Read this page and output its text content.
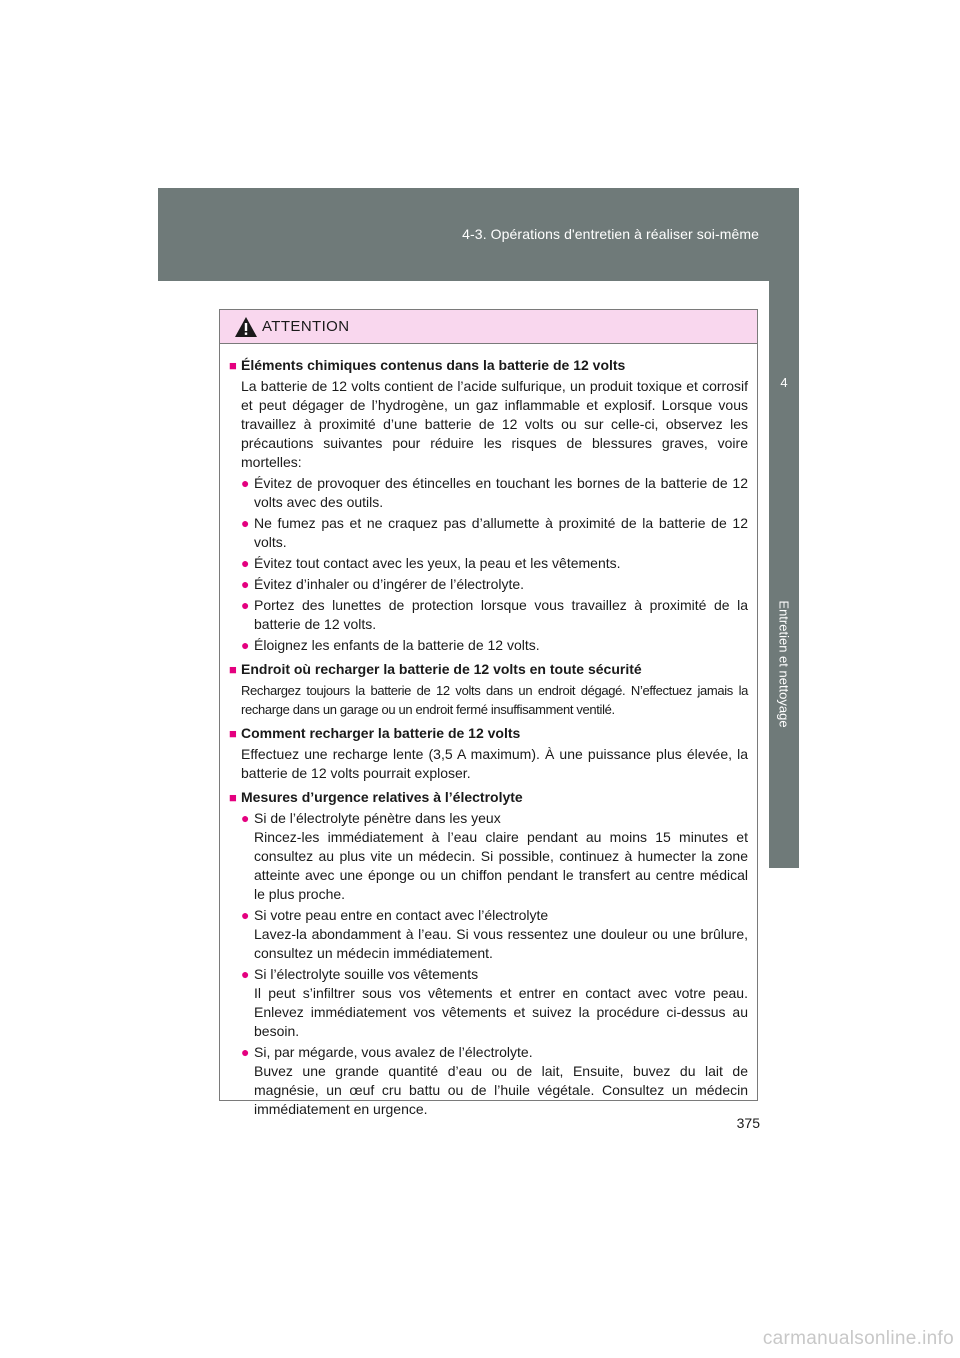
4-3. Opérations d'entretien à réaliser soi-même
4
Entretien et nettoyage
ATTENTION
■ Éléments chimiques contenus dans la batterie de 12 volts

La batterie de 12 volts contient de l’acide sulfurique, un produit toxique et corrosif et peut dégager de l’hydrogène, un gaz inflammable et explosif. Lorsque vous travaillez à proximité d’une batterie de 12 volts ou sur celle-ci, observez les précautions suivantes pour réduire les risques de blessures graves, voire mortelles:

● Évitez de provoquer des étincelles en touchant les bornes de la batterie de 12 volts avec des outils.
● Ne fumez pas et ne craquez pas d’allumette à proximité de la batterie de 12 volts.
● Évitez tout contact avec les yeux, la peau et les vêtements.
● Évitez d’inhaler ou d’ingérer de l’électrolyte.
● Portez des lunettes de protection lorsque vous travaillez à proximité de la batterie de 12 volts.
● Éloignez les enfants de la batterie de 12 volts.
■ Endroit où recharger la batterie de 12 volts en toute sécurité

Rechargez toujours la batterie de 12 volts dans un endroit dégagé. N’effectuez jamais la recharge dans un garage ou un endroit fermé insuffisamment ventilé.

■ Comment recharger la batterie de 12 volts

Effectuez une recharge lente (3,5 A maximum). À une puissance plus élevée, la batterie de 12 volts pourrait exploser.

■ Mesures d’urgence relatives à l’électrolyte
● Si de l’électrolyte pénètre dans les yeux
Rincez-les immédiatement à l’eau claire pendant au moins 15 minutes et consultez au plus vite un médecin. Si possible, continuez à humecter la zone atteinte avec une éponge ou un chiffon pendant le transfert au centre médical le plus proche.
● Si votre peau entre en contact avec l’électrolyte
Lavez-la abondamment à l’eau. Si vous ressentez une douleur ou une brûlure, consultez un médecin immédiatement.
● Si l’électrolyte souille vos vêtements
Il peut s’infiltrer sous vos vêtements et entrer en contact avec votre peau. Enlevez immédiatement vos vêtements et suivez la procédure ci-dessus au besoin.
● Si, par mégarde, vous avalez de l’électrolyte.
Buvez une grande quantité d’eau ou de lait, Ensuite, buvez du lait de magnésie, un œuf cru battu ou de l’huile végétale. Consultez un médecin immédiatement en urgence.
375
carmanualsonline.info
